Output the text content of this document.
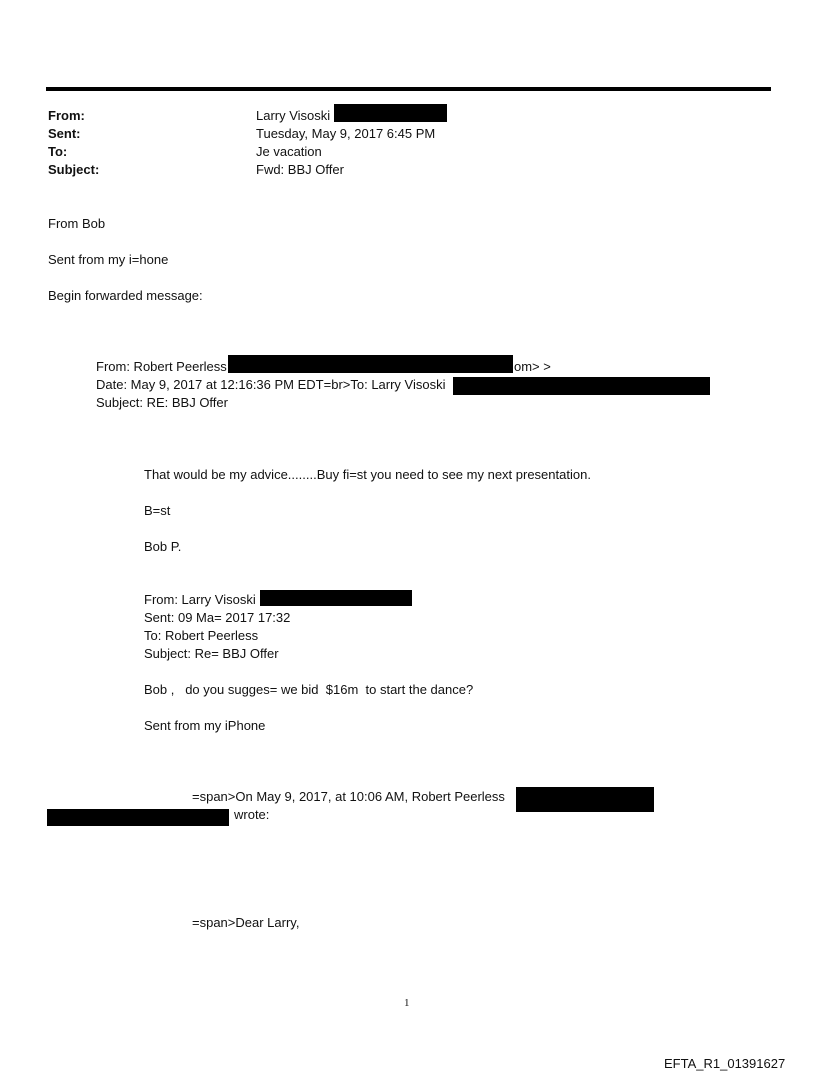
From:	Larry Visoski
Sent:	Tuesday, May 9, 2017 6:45 PM
To:	Je vacation
Subject:	Fwd: BBJ Offer
From Bob
Sent from my i=hone
Begin forwarded message:
From: Robert Peerless	om> >
Date: May 9, 2017 at 12:16:36 PM EDT=br>To: Larry Visoski
Subject: RE: BBJ Offer
That would be my advice........Buy fi=st you need to see my next presentation.
B=st
Bob P.
From: Larry Visoski
Sent: 09 Ma= 2017 17:32
To: Robert Peerless
Subject: Re= BBJ Offer
Bob ,   do you sugges= we bid  $16m  to start the dance?
Sent from my iPhone
=span>On May 9, 2017, at 10:06 AM, Robert Peerless
wrote:
=span>Dear Larry,
1
EFTA_R1_01391627
